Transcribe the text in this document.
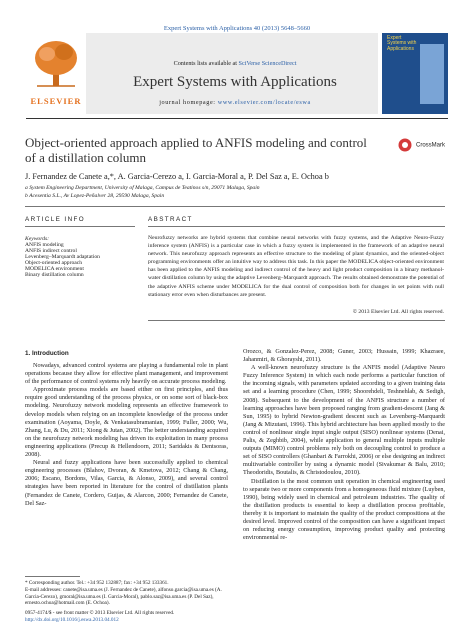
Expert Systems with Applications 40 (2013) 5648–5660
ELSEVIER
Contents lists available at SciVerse ScienceDirect
Expert Systems with Applications
journal homepage: www.elsevier.com/locate/eswa
Expert Systems with Applications
Object-oriented approach applied to ANFIS modeling and control of a distillation column
CrossMark
J. Fernandez de Canete a,*, A. Garcia-Cerezo a, I. Garcia-Moral a, P. Del Saz a, E. Ochoa b
a System Engineering Department, University of Malaga, Campus de Teatinos s/n, 29071 Malaga, Spain
b Acesentia S.L., Av Lopez-Peñalver 28, 29590 Malaga, Spain
ARTICLE INFO
Keywords:
ANFIS modeling
ANFIS indirect control
Levenberg–Marquardt adaptation
Object-oriented approach
MODELICA environment
Binary distillation column
ABSTRACT
Neurofuzzy networks are hybrid systems that combine neural networks with fuzzy systems, and the Adaptive Neuro-Fuzzy inference system (ANFIS) is a particular case in which a fuzzy system is implemented in the framework of an adaptive neural network. This neurofuzzy approach represents an effective structure to the modeling of plant dynamics, and the oriented-object programming environments offer an intuitive way to address this task. In this paper the MODELICA object-oriented environment has been applied to the ANFIS modeling and indirect control of the heavy and light product composition in a binary methanol-water distillation column by using the adaptive Levenberg–Marquardt approach. The results obtained demonstrate the potential of the adaptive ANFIS scheme under MODELICA for the dual control of composition both for changes in set points with null stationary error even when disturbances are present.
© 2013 Elsevier Ltd. All rights reserved.
1. Introduction

Nowadays, advanced control systems are playing a fundamental role in plant operations because they allow for effective plant management, and improvement of the performance of control systems rely heavily on accurate process modeling.

Approximate process models are based either on first principles, and thus require good understanding of the process physics, or on some sort of black-box modeling. Neurofuzzy network modeling represents an effective framework to develop models when relying on an incomplete knowledge of the process under examination (Aoyama, Doyle, & Venkatasubramanian, 1999; Fuller, 2000; Wu, Zhang, Lu, & Du, 2011; Xiong & Jutan, 2002). The better understanding acquired on the neurofuzzy network modeling has driven its exploitation in many process engineering applications (Precup & Hellendoorn, 2011; Saridakis & Dentsoras, 2008).

Neural and fuzzy applications have been successfully applied to chemical engineering processes (Blahov, Dvoran, & Kmetova, 2012; Chang & Chang, 2006; Escano, Bordons, Vilas, Garcia, & Alonso, 2009), and several control strategies have been reported in literature for the control of distillation plants (Fernandez de Canete, Cordero, Guijas, & Alarcon, 2000; Fernandez de Canete, Del Saz-

* Corresponding author. Tel.: +34 952 132887; fax: +34 952 133361.
E-mail addresses: canete@isa.uma.es (J. Fernandez de Canete), alfonso.garcia@isa.uma.es (A. Garcia-Cerezo), gmoral@isa.uma.es (I. Garcia-Moral), pablo.saz@isa.uma.es (P. Del Saz), ernesto.ochoa@hotmail.com (E. Ochoa).
0957-4174/$ - see front matter © 2013 Elsevier Ltd. All rights reserved.
http://dx.doi.org/10.1016/j.eswa.2013.04.012

Orozco, & Gonzalez-Perez, 2008; Guner, 2003; Hussain, 1999; Khazraee, Jahanmiri, & Ghorayshi, 2011).

A well-known neurofuzzy structure is the ANFIS model (Adaptive Neuro Fuzzy Inference System) in which each node performs a particular function of the incoming signals, with parameters updated according to a given training data set and a learning procedure (Chen, 1999; Shoorehdeli, Teshnehlab, & Sedigh, 2008). Subsequent to the development of the ANFIS structure a number of learning approaches have been proposed ranging from gradient-descent (Jang & Sun, 1995) to hybrid Newton-gradient descent such as Levenberg–Marquardt (Jang & Mizutani, 1996). This hybrid architecture has been applied mostly to the control of nonlinear single input single output (SISO) nonlinear systems (Denai, Palis, & Zeghbib, 2004), while application to general multiple inputs multiple outputs (MIMO) control problems rely both on decoupling control to produce a set of SISO controllers (Ghanbari & Farrokhi, 2006) or else designing an indirect multivariable controller by using a dynamic model (Sivakumar & Balu, 2010; Theodoridis, Boutalis, & Christodoulou, 2010).

Distillation is the most common unit operation in chemical engineering used to separate two or more components from a homogeneous fluid mixture (Luyben, 1990), being widely used in chemical and petroleum industries. The quality of the distillation products is essential to keep a distillation process profitable, thereby it is important to maintain the quality of the product compositions at the desired level. Improved control of the composition can have a significant impact on reducing energy consumption, improving product quality and protecting environmental re-
